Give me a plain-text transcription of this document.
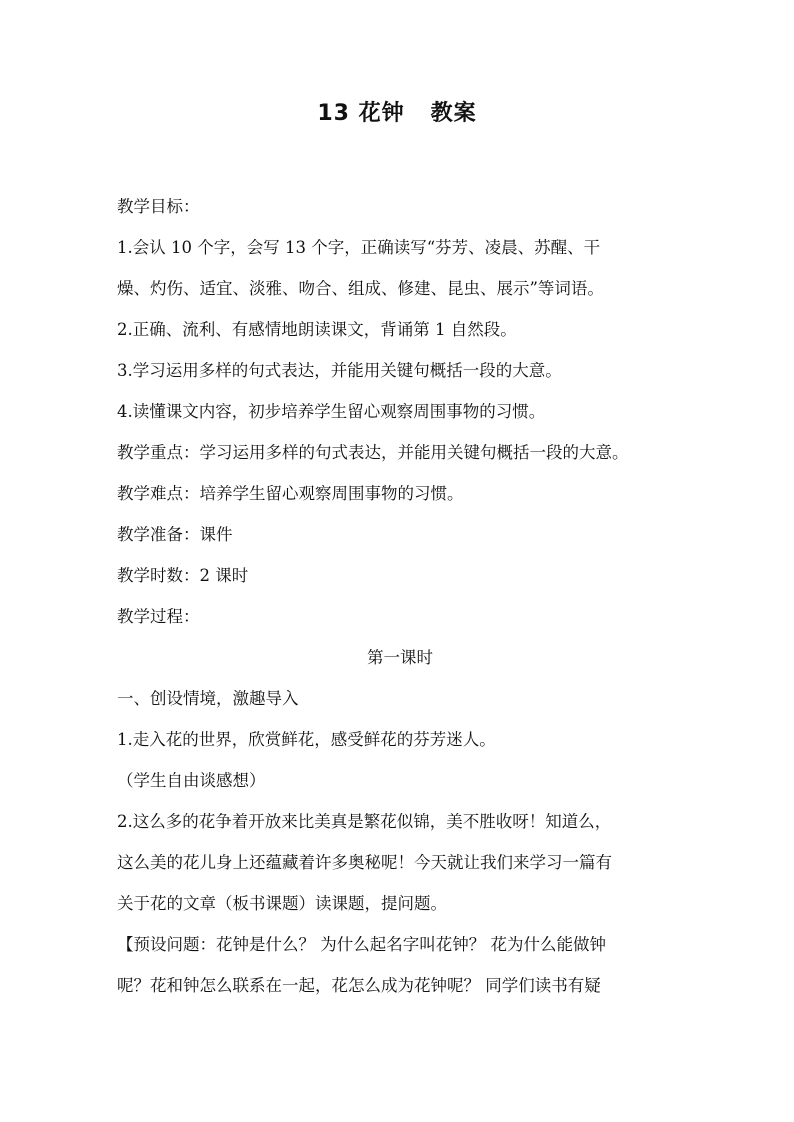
13 花钟   教案

教学目标：

1.会认 10 个字，会写 13 个字，正确读写“芬芳、凌晨、苏醒、干

燥、灼伤、适宜、淡雅、吻合、组成、修建、昆虫、展示”等词语。

2.正确、流利、有感情地朗读课文，背诵第 1 自然段。

3.学习运用多样的句式表达，并能用关键句概括一段的大意。

4.读懂课文内容，初步培养学生留心观察周围事物的习惯。

教学重点：学习运用多样的句式表达，并能用关键句概括一段的大意。

教学难点：培养学生留心观察周围事物的习惯。

教学准备：课件

教学时数：2 课时

教学过程：

第一课时

一、创设情境，激趣导入

1.走入花的世界，欣赏鲜花，感受鲜花的芬芳迷人。

（学生自由谈感想）

2.这么多的花争着开放来比美真是繁花似锦，美不胜收呀！知道么，

这么美的花儿身上还蕴藏着许多奥秘呢！今天就让我们来学习一篇有

关于花的文章（板书课题）读课题，提问题。

【预设问题：花钟是什么？ 为什么起名字叫花钟？ 花为什么能做钟

呢？花和钟怎么联系在一起，花怎么成为花钟呢？ 同学们读书有疑
